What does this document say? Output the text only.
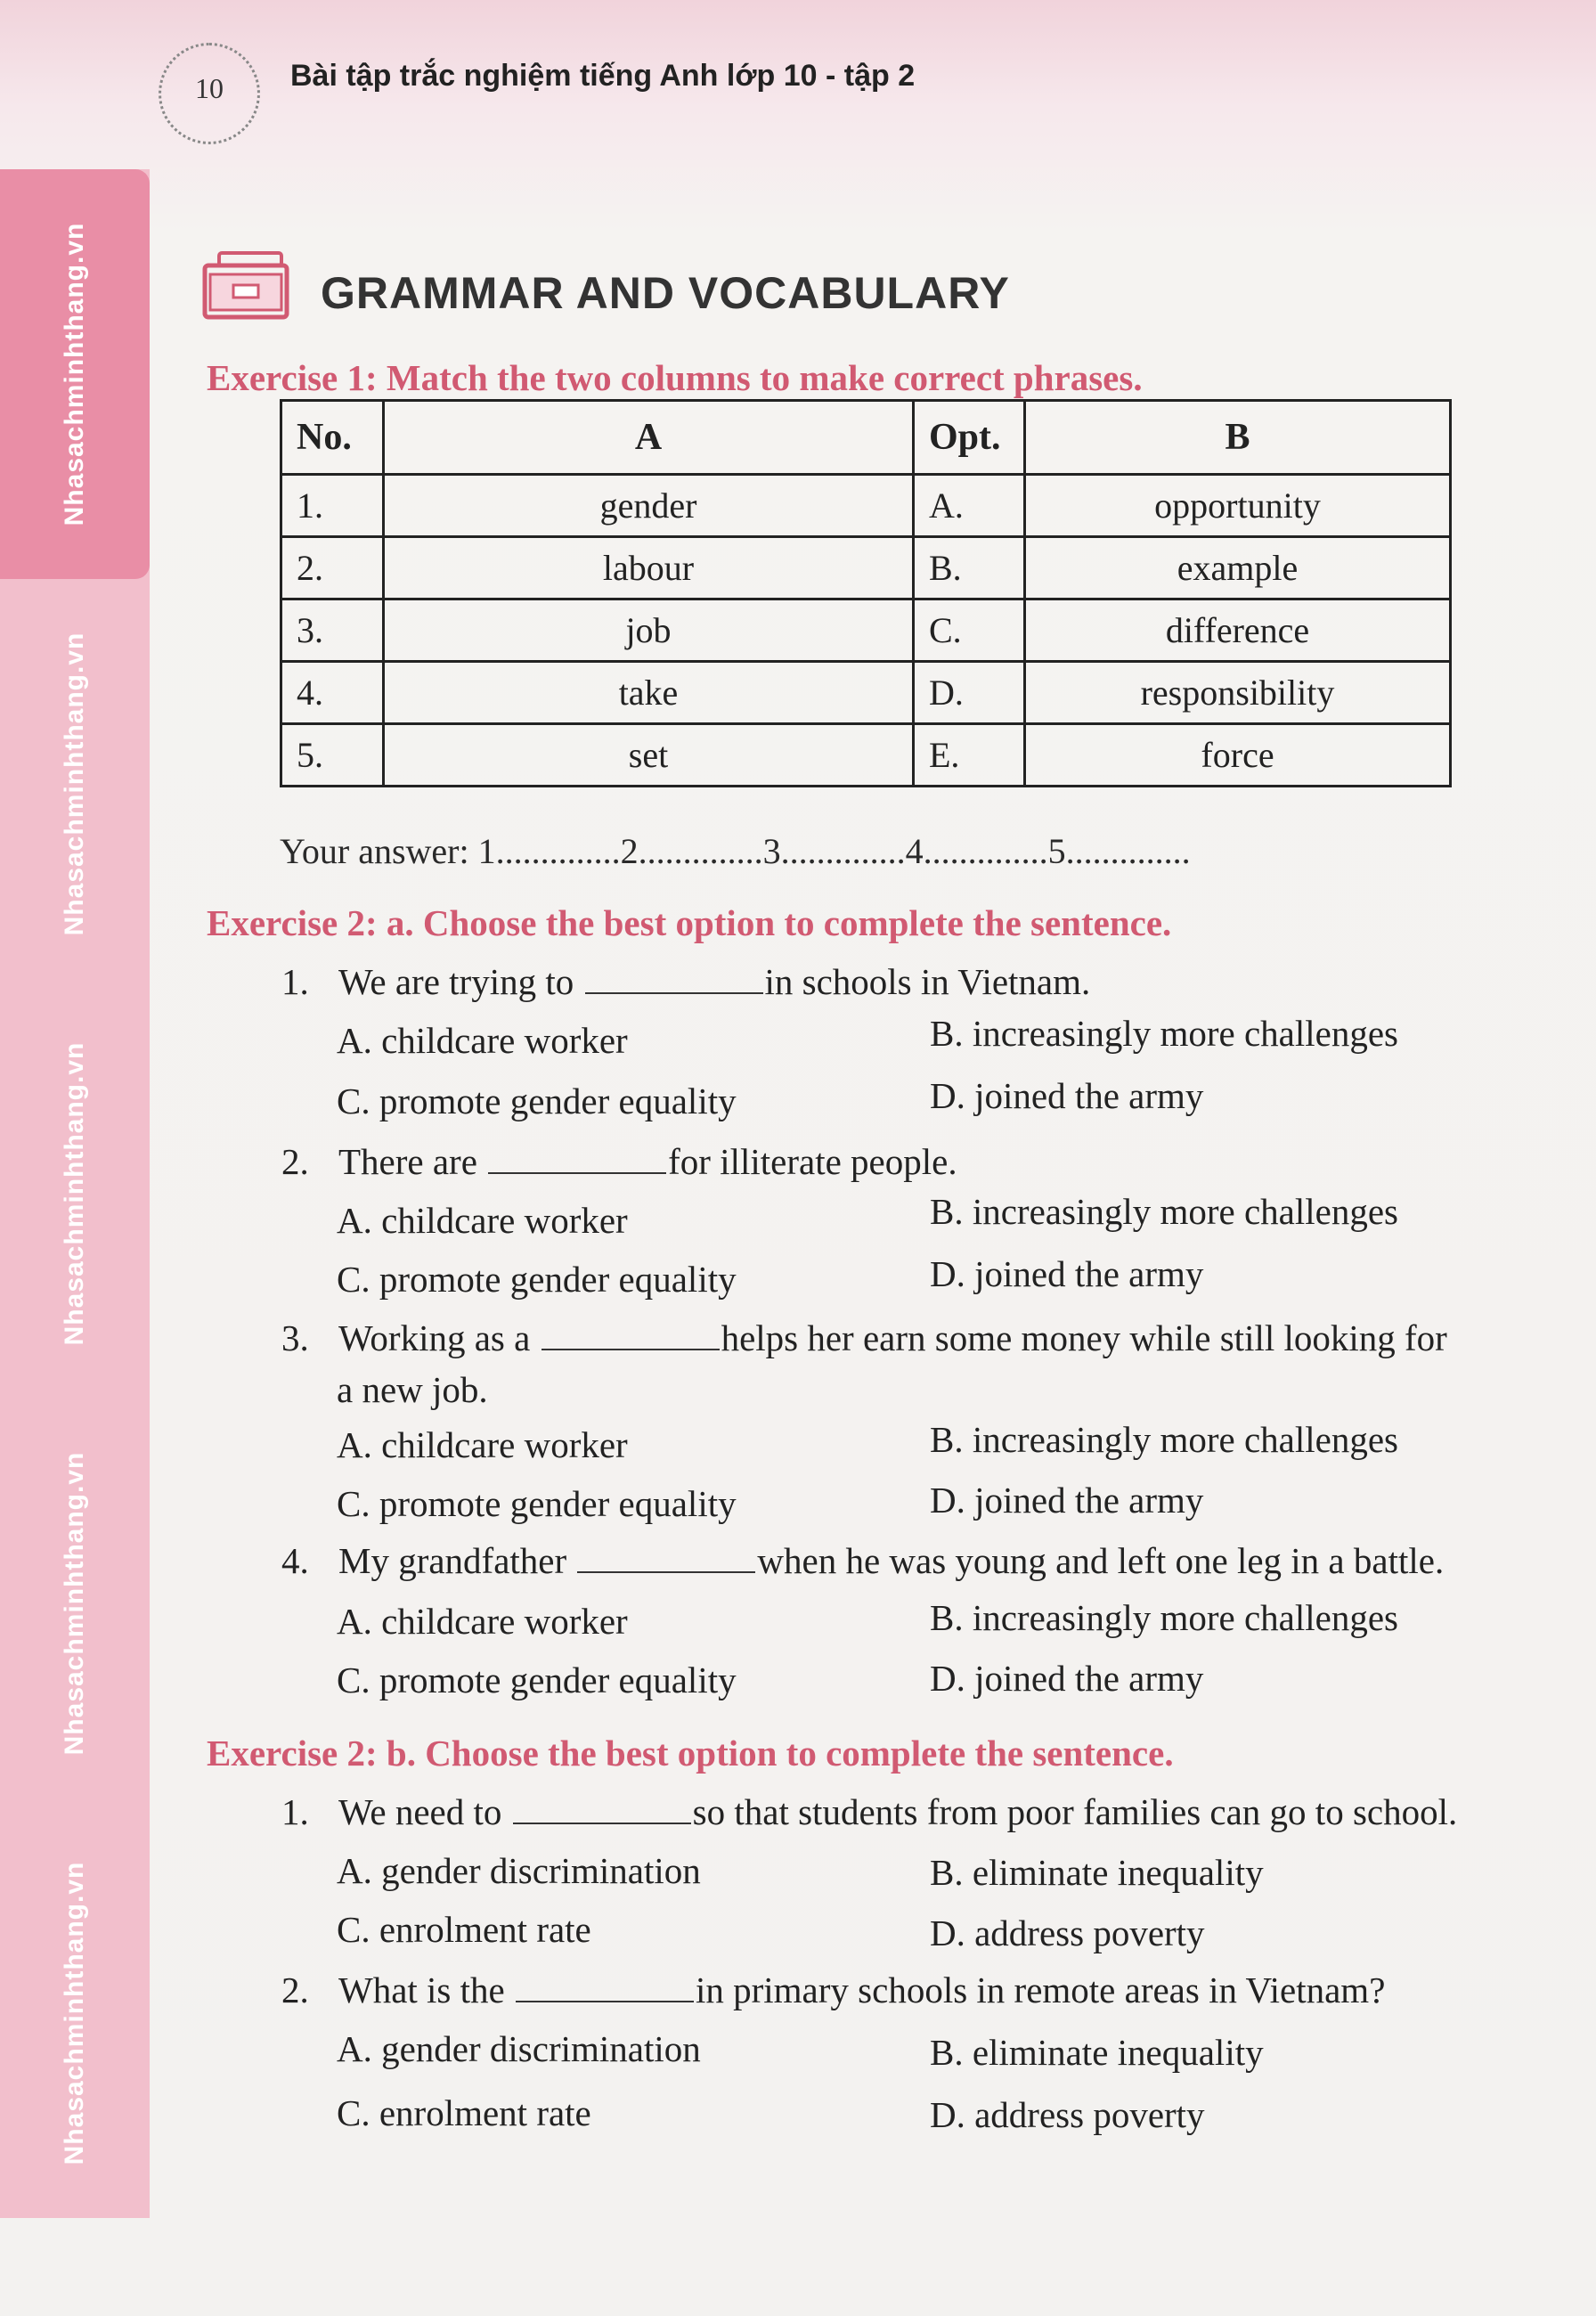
Nhasachminhthang.vn
Nhasachminhthang.vn
Nhasachminhthang.vn
Nhasachminhthang.vn
Nhasachminhthang.vn
10	Bài tập trắc nghiệm tiếng Anh lớp 10 - tập 2
GRAMMAR AND VOCABULARY
Exercise 1: Match the two columns to make correct phrases.
No.	A	Opt.	B
1.	gender	A.	opportunity
2.	labour	B.	example
3.	job	C.	difference
4.	take	D.	responsibility
5.	set	E.	force
Your answer: 1..............2..............3..............4..............5..............
Exercise 2: a. Choose the best option to complete the sentence.
1. We are trying to	in schools in Vietnam.
A. childcare worker	B. increasingly more challenges
C. promote gender equality	D. joined the army
2. There are	for illiterate people.
A. childcare worker	B. increasingly more challenges
C. promote gender equality	D. joined the army
3. Working as a	helps her earn some money while still looking for
a new job.
A. childcare worker	B. increasingly more challenges
C. promote gender equality	D. joined the army
4. My grandfather	when he was young and left one leg in a battle.
A. childcare worker	B. increasingly more challenges
C. promote gender equality	D. joined the army
Exercise 2: b. Choose the best option to complete the sentence.
1. We need to	so that students from poor families can go to school.
A. gender discrimination	B. eliminate inequality
C. enrolment rate	D. address poverty
2. What is the	in primary schools in remote areas in Vietnam?
A. gender discrimination	B. eliminate inequality
C. enrolment rate	D. address poverty
